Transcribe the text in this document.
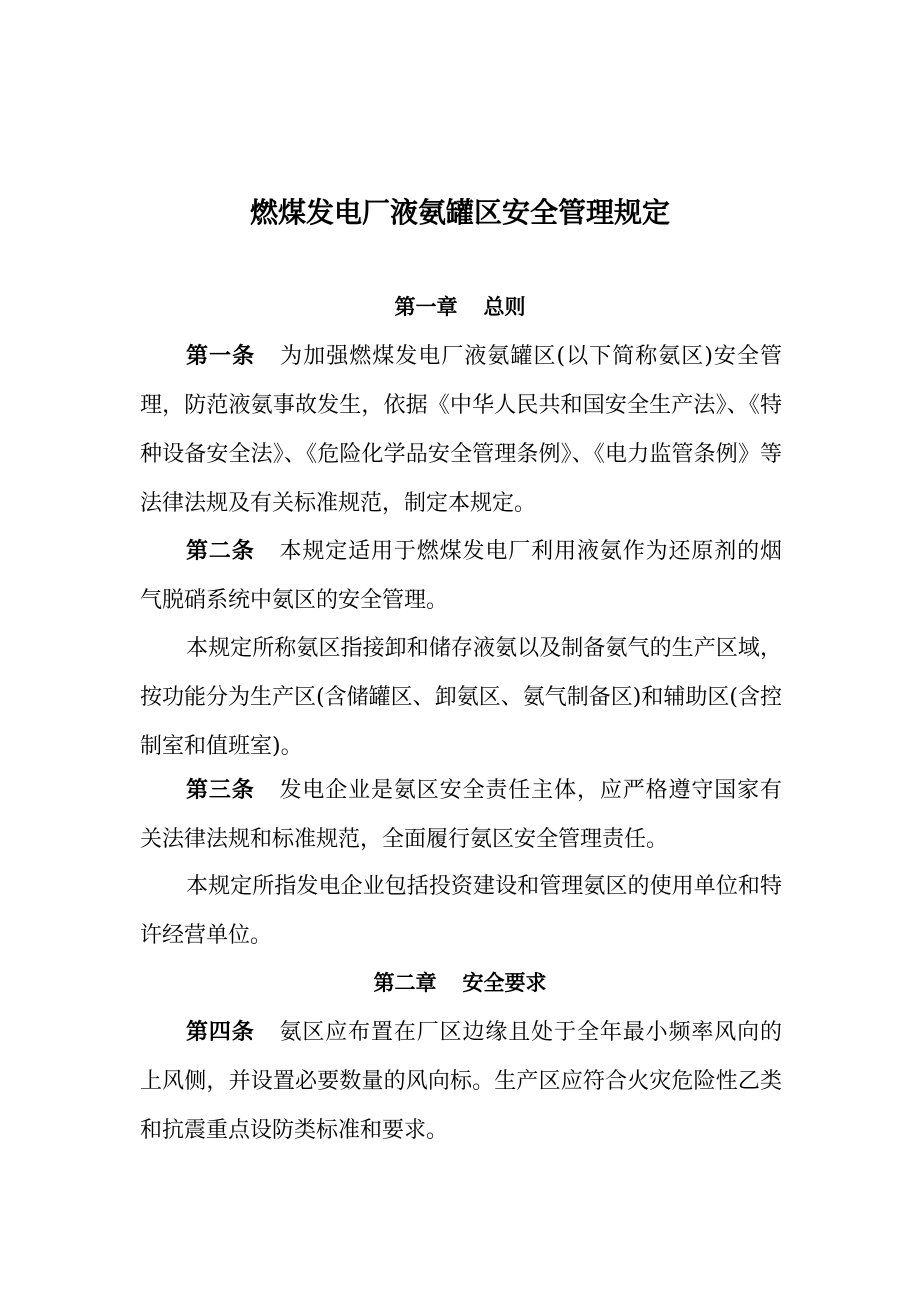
燃煤发电厂液氨罐区安全管理规定
第一章 总则

第一条 为加强燃煤发电厂液氨罐区(以下简称氨区)安全管理，防范液氨事故发生，依据《中华人民共和国安全生产法》、《特种设备安全法》、《危险化学品安全管理条例》、《电力监管条例》等法律法规及有关标准规范，制定本规定。

第二条 本规定适用于燃煤发电厂利用液氨作为还原剂的烟气脱硝系统中氨区的安全管理。

本规定所称氨区指接卸和储存液氨以及制备氨气的生产区域，按功能分为生产区(含储罐区、卸氨区、氨气制备区)和辅助区(含控制室和值班室)。

第三条 发电企业是氨区安全责任主体，应严格遵守国家有关法律法规和标准规范，全面履行氨区安全管理责任。

本规定所指发电企业包括投资建设和管理氨区的使用单位和特许经营单位。

第二章 安全要求

第四条 氨区应布置在厂区边缘且处于全年最小频率风向的上风侧，并设置必要数量的风向标。生产区应符合火灾危险性乙类和抗震重点设防类标准和要求。
